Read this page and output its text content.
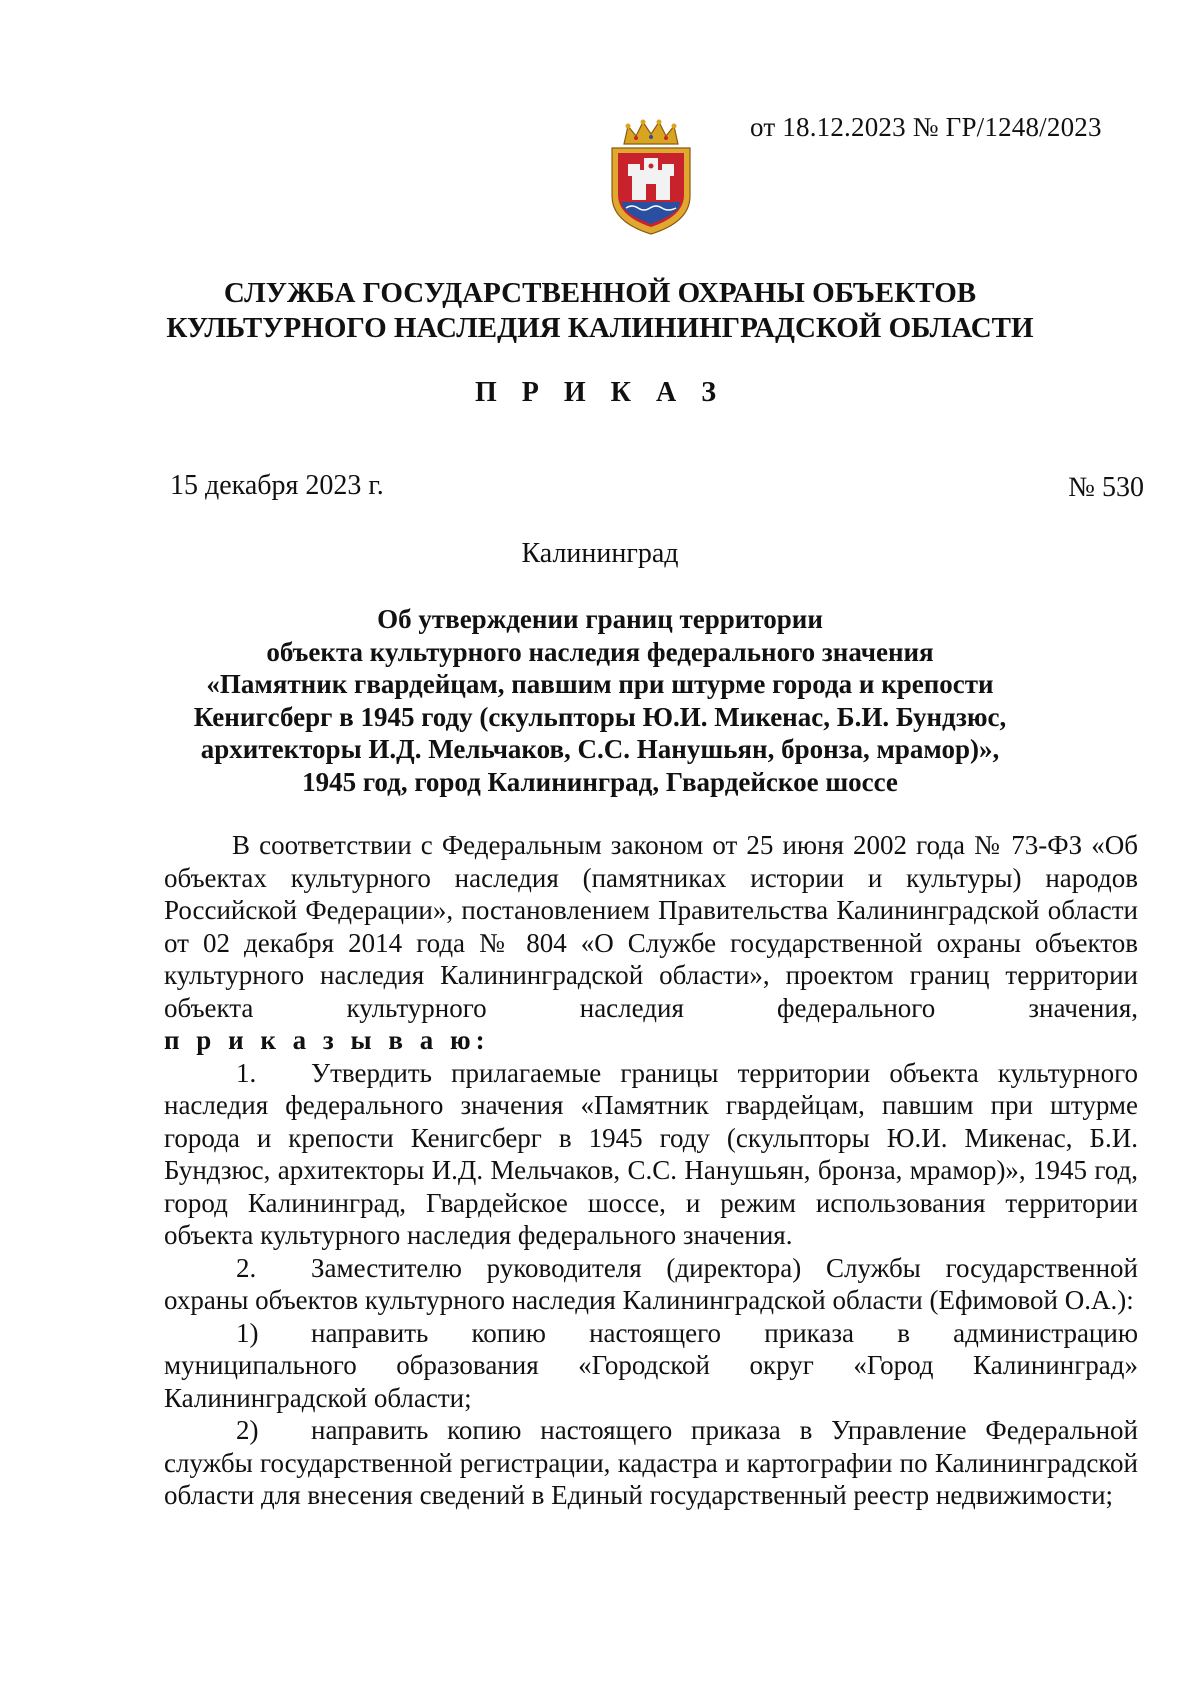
от 18.12.2023 № ГР/1248/2023
СЛУЖБА ГОСУДАРСТВЕННОЙ ОХРАНЫ ОБЪЕКТОВ
КУЛЬТУРНОГО НАСЛЕДИЯ КАЛИНИНГРАДСКОЙ ОБЛАСТИ
П Р И К А З
15 декабря 2023 г.	№ 530
Калининград
Об утверждении границ территории
объекта культурного наследия федерального значения
«Памятник гвардейцам, павшим при штурме города и крепости
Кенигсберг в 1945 году (скульпторы Ю.И. Микенас, Б.И. Бундзюс,
архитекторы И.Д. Мельчаков, С.С. Нанушьян, бронза, мрамор)»,
1945 год, город Калининград, Гвардейское шоссе

В соответствии с Федеральным законом от 25 июня 2002 года № 73-ФЗ «Об объектах культурного наследия (памятниках истории и культуры) народов Российской Федерации», постановлением Правительства Калининградской области от 02 декабря 2014 года № 804 «О Службе государственной охраны объектов культурного наследия Калининградской области», проектом границ территории объекта культурного наследия федерального значения,

п р и к а з ы в а ю:

1. Утвердить прилагаемые границы территории объекта культурного наследия федерального значения «Памятник гвардейцам, павшим при штурме города и крепости Кенигсберг в 1945 году (скульпторы Ю.И. Микенас, Б.И. Бундзюс, архитекторы И.Д. Мельчаков, С.С. Нанушьян, бронза, мрамор)», 1945 год, город Калининград, Гвардейское шоссе, и режим использования территории объекта культурного наследия федерального значения.

2. Заместителю руководителя (директора) Службы государственной охраны объектов культурного наследия Калининградской области (Ефимовой О.А.):

1) направить копию настоящего приказа в администрацию муниципального образования «Городской округ «Город Калининград» Калининградской области;

2) направить копию настоящего приказа в Управление Федеральной службы государственной регистрации, кадастра и картографии по Калининградской области для внесения сведений в Единый государственный реестр недвижимости;
